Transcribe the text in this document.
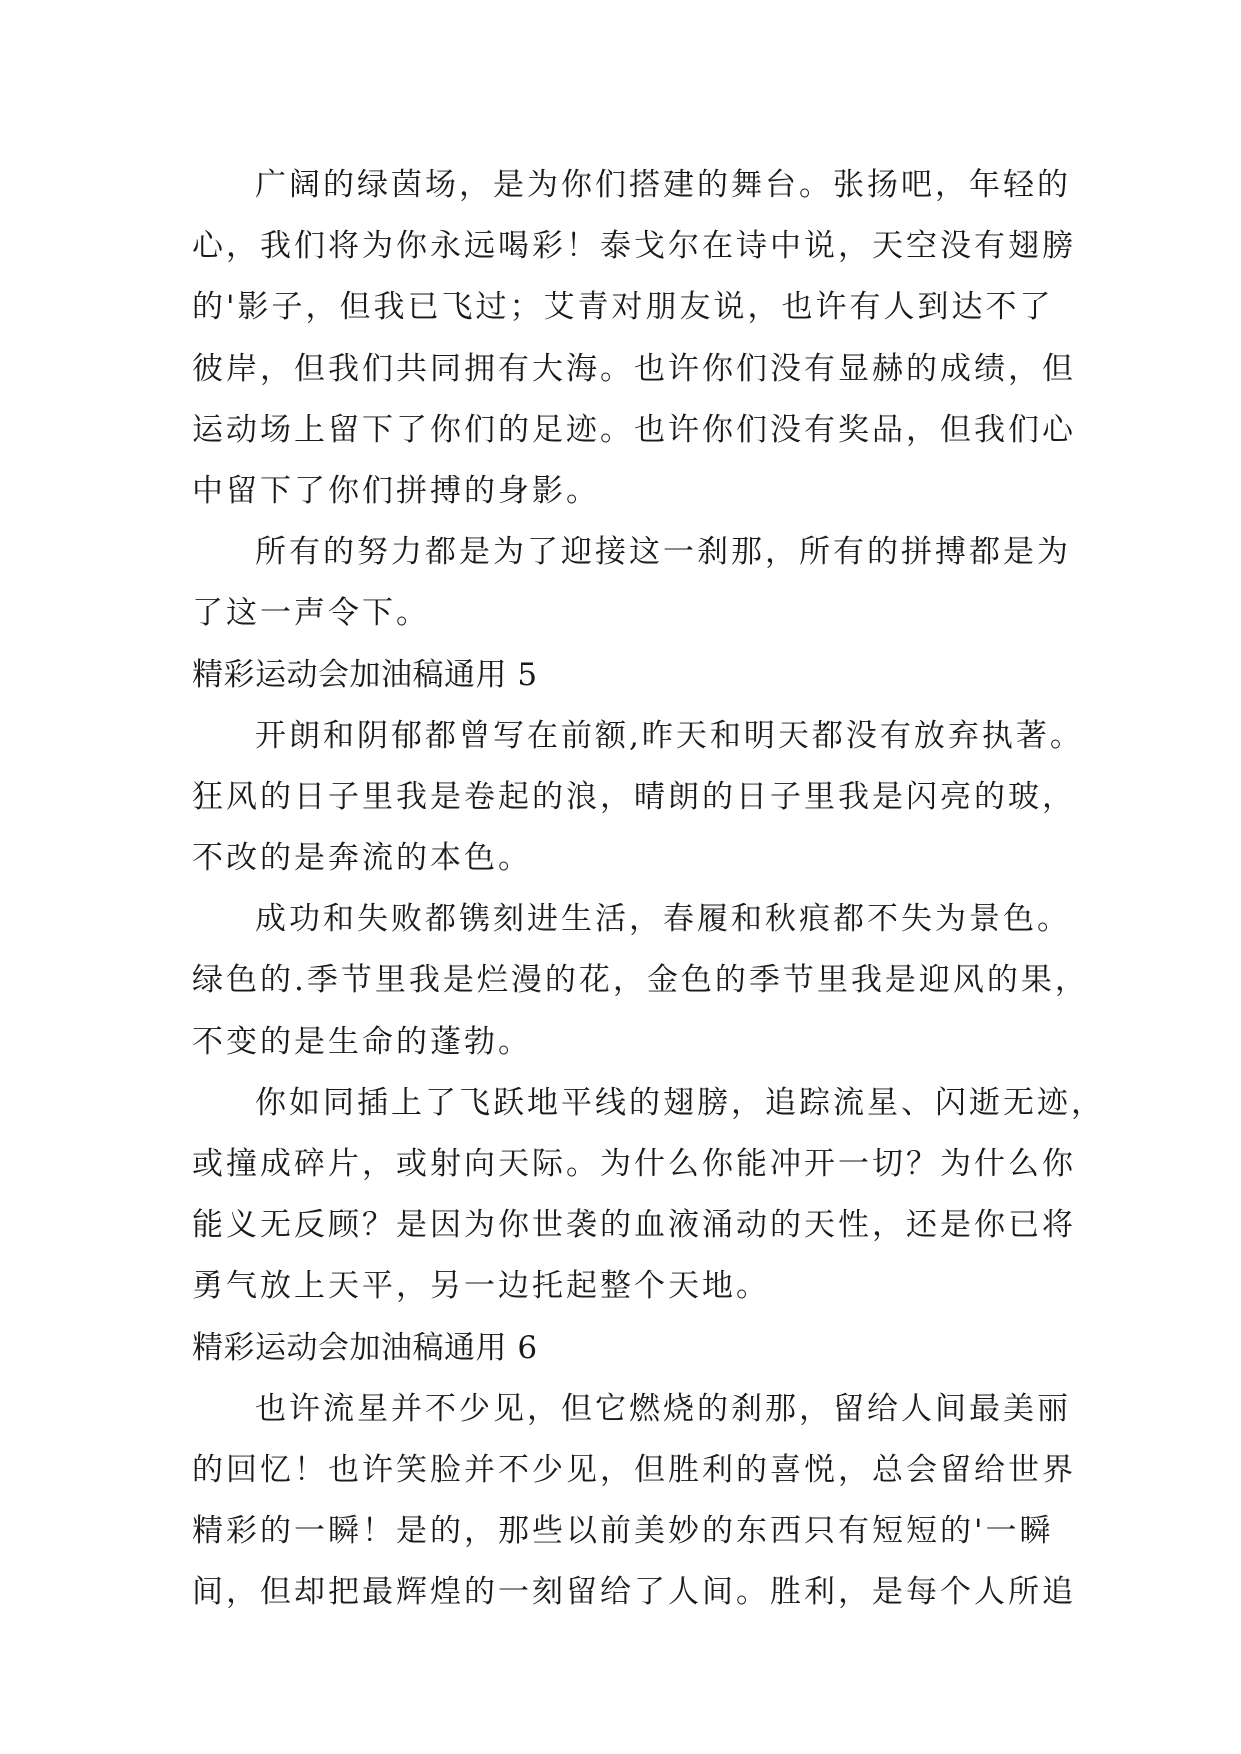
广阔的绿茵场，是为你们搭建的舞台。张扬吧，年轻的
心，我们将为你永远喝彩！泰戈尔在诗中说，天空没有翅膀
的'影子，但我已飞过；艾青对朋友说，也许有人到达不了
彼岸，但我们共同拥有大海。也许你们没有显赫的成绩，但
运动场上留下了你们的足迹。也许你们没有奖品，但我们心
中留下了你们拼搏的身影。
所有的努力都是为了迎接这一刹那，所有的拼搏都是为
了这一声令下。
精彩运动会加油稿通用 5
开朗和阴郁都曾写在前额,昨天和明天都没有放弃执著。
狂风的日子里我是卷起的浪，晴朗的日子里我是闪亮的玻，
不改的是奔流的本色。
成功和失败都镌刻进生活，春履和秋痕都不失为景色。
绿色的.季节里我是烂漫的花，金色的季节里我是迎风的果，
不变的是生命的蓬勃。
你如同插上了飞跃地平线的翅膀，追踪流星、闪逝无迹，
或撞成碎片，或射向天际。为什么你能冲开一切？为什么你
能义无反顾？是因为你世袭的血液涌动的天性，还是你已将
勇气放上天平，另一边托起整个天地。
精彩运动会加油稿通用 6
也许流星并不少见，但它燃烧的刹那，留给人间最美丽
的回忆！也许笑脸并不少见，但胜利的喜悦，总会留给世界
精彩的一瞬！是的，那些以前美妙的东西只有短短的'一瞬
间，但却把最辉煌的一刻留给了人间。胜利，是每个人所追
